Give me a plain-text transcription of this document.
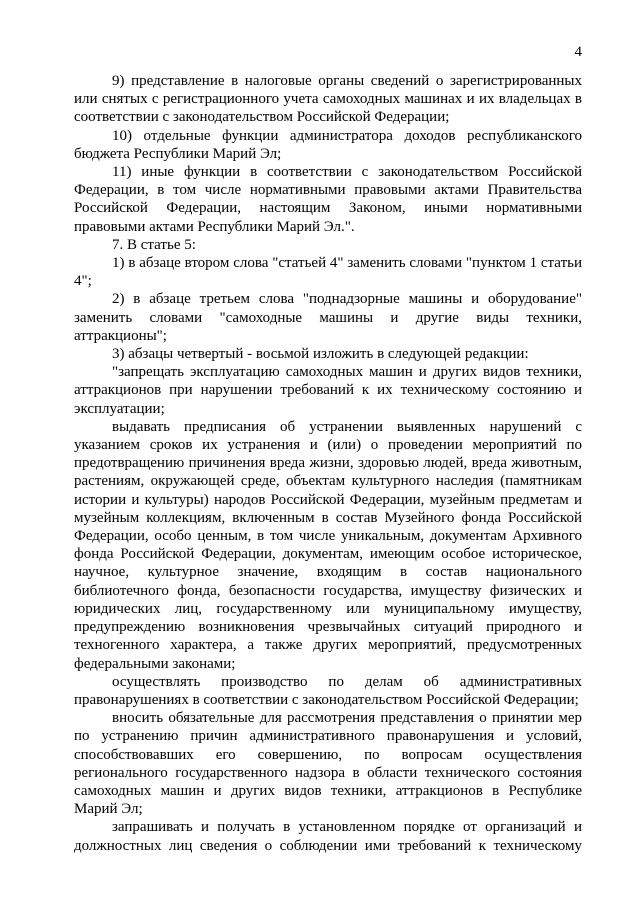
4

9) представление в налоговые органы сведений о зарегистрированных или снятых с регистрационного учета самоходных машинах и их владельцах в соответствии с законодательством Российской Федерации;

10) отдельные функции администратора доходов республиканского бюджета Республики Марий Эл;

11) иные функции в соответствии с законодательством Российской Федерации, в том числе нормативными правовыми актами Правительства Российской Федерации, настоящим Законом, иными нормативными правовыми актами Республики Марий Эл.".

7. В статье 5:

1) в абзаце втором слова "статьей 4" заменить словами "пунктом 1 статьи 4";

2) в абзаце третьем слова "поднадзорные машины и оборудование" заменить словами "самоходные машины и другие виды техники, аттракционы";

3) абзацы четвертый - восьмой изложить в следующей редакции:

"запрещать эксплуатацию самоходных машин и других видов техники, аттракционов при нарушении требований к их техническому состоянию и эксплуатации;

выдавать предписания об устранении выявленных нарушений с указанием сроков их устранения и (или) о проведении мероприятий по предотвращению причинения вреда жизни, здоровью людей, вреда животным, растениям, окружающей среде, объектам культурного наследия (памятникам истории и культуры) народов Российской Федерации, музейным предметам и музейным коллекциям, включенным в состав Музейного фонда Российской Федерации, особо ценным, в том числе уникальным, документам Архивного фонда Российской Федерации, документам, имеющим особое историческое, научное, культурное значение, входящим в состав национального библиотечного фонда, безопасности государства, имуществу физических и юридических лиц, государственному или муниципальному имуществу, предупреждению возникновения чрезвычайных ситуаций природного и техногенного характера, а также других мероприятий, предусмотренных федеральными законами;

осуществлять производство по делам об административных правонарушениях в соответствии с законодательством Российской Федерации;

вносить обязательные для рассмотрения представления о принятии мер по устранению причин административного правонарушения и условий, способствовавших его совершению, по вопросам осуществления регионального государственного надзора в области технического состояния самоходных машин и других видов техники, аттракционов в Республике Марий Эл;

запрашивать и получать в установленном порядке от организаций и должностных лиц сведения о соблюдении ими требований к техническому
